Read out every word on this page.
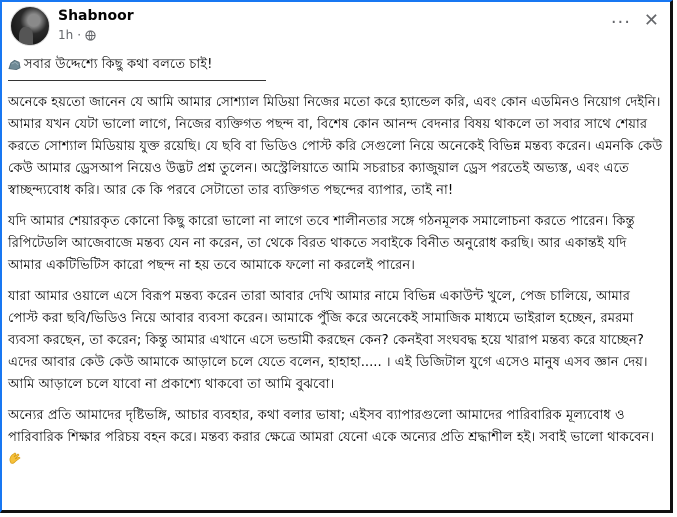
Shabnoor
1h ·
··· ✕
সবার উদ্দেশ্যে কিছু কথা বলতে চাই!

অনেকে হয়তো জানেন যে আমি আমার সোশ্যাল মিডিয়া নিজের মতো করে হ্যান্ডেল করি, এবং কোন এডমিনও নিয়োগ দেইনি। আমার যখন যেটা ভালো লাগে, নিজের ব্যক্তিগত পছন্দ বা, বিশেষ কোন আনন্দ বেদনার বিষয় থাকলে তা সবার সাথে শেয়ার করতে সোশ্যাল মিডিয়ায় যুক্ত রয়েছি। যে ছবি বা ভিডিও পোস্ট করি সেগুলো নিয়ে অনেকেই বিভিন্ন মন্তব্য করেন। এমনকি কেউ কেউ আমার ড্রেসআপ নিয়েও উদ্ভট প্রশ্ন তুলেন। অস্ট্রেলিয়াতে আমি সচরাচর ক্যাজুয়াল ড্রেস পরতেই অভ্যস্ত, এবং এতে স্বাচ্ছন্দ্যবোধ করি। আর কে কি পরবে সেটাতো তার ব্যক্তিগত পছন্দের ব্যাপার, তাই না!

যদি আমার শেয়ারকৃত কোনো কিছু কারো ভালো না লাগে তবে শালীনতার সঙ্গে গঠনমূলক সমালোচনা করতে পারেন। কিন্তু রিপিটেডলি আজেবাজে মন্তব্য যেন না করেন, তা থেকে বিরত থাকতে সবাইকে বিনীত অনুরোধ করছি। আর একান্তই যদি আমার একটিভিটিস কারো পছন্দ না হয় তবে আমাকে ফলো না করলেই পারেন।

যারা আমার ওয়ালে এসে বিরূপ মন্তব্য করেন তারা আবার দেখি আমার নামে বিভিন্ন একাউন্ট খুলে, পেজ চালিয়ে, আমার পোস্ট করা ছবি/ভিডিও নিয়ে আবার ব্যবসা করেন। আমাকে পুঁজি করে অনেকেই সামাজিক মাধ্যমে ভাইরাল হচ্ছেন, রমরমা ব্যবসা করছেন, তা করেন; কিন্তু আমার এখানে এসে ভন্ডামী করছেন কেন? কেনইবা সংঘবদ্ধ হয়ে খারাপ মন্তব্য করে যাচ্ছেন? এদের আবার কেউ কেউ আমাকে আড়ালে চলে যেতে বলেন, হাহাহা..... । এই ডিজিটাল যুগে এসেও মানুষ এসব জ্ঞান দেয়। আমি আড়ালে চলে যাবো না প্রকাশ্যে থাকবো তা আমি বুঝবো।

অন্যের প্রতি আমাদের দৃষ্টিভঙ্গি, আচার ব্যবহার, কথা বলার ভাষা; এইসব ব্যাপারগুলো আমাদের পারিবারিক মূল্যবোধ ও পারিবারিক শিক্ষার পরিচয় বহন করে। মন্তব্য করার ক্ষেত্রে আমরা যেনো একে অন্যের প্রতি শ্রদ্ধাশীল হই। সবাই ভালো থাকবেন।
